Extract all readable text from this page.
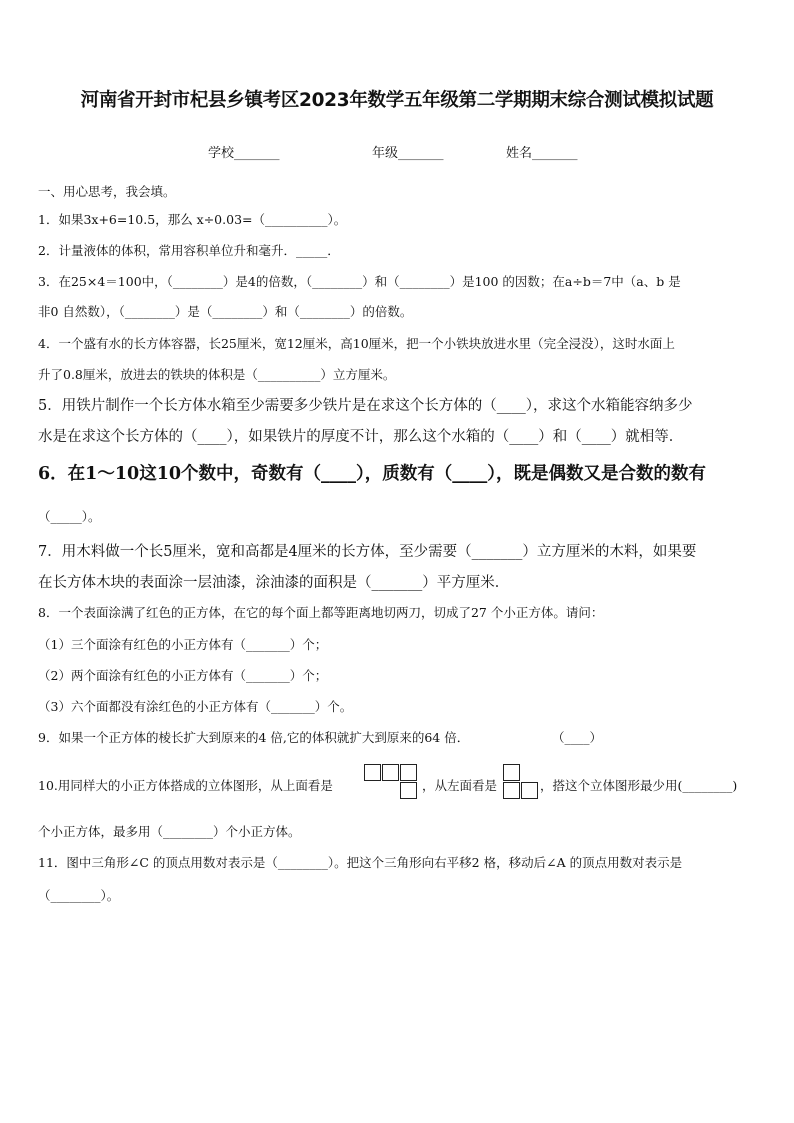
河南省开封市杞县乡镇考区2023年数学五年级第二学期期末综合测试模拟试题
学校_______	年级_______	姓名_______
一、用心思考，我会填。
1．如果3x+6=10.5，那么 x÷0.03=（__________）。
2．计量液体的体积，常用容积单位升和毫升．_____．
3．在25×4＝100中，（________）是4的倍数，（________）和（________）是100 的因数；在a÷b＝7中（a、b 是
非0 自然数），（________）是（________）和（________）的倍数。
4．一个盛有水的长方体容器，长25厘米，宽12厘米，高10厘米，把一个小铁块放进水里（完全浸没），这时水面上
升了0.8厘米，放进去的铁块的体积是（__________）立方厘米。
5．用铁片制作一个长方体水箱至少需要多少铁片是在求这个长方体的（____），求这个水箱能容纳多少
水是在求这个长方体的（____），如果铁片的厚度不计，那么这个水箱的（____）和（____）就相等．
6．在1～10这10个数中，奇数有（____），质数有（____），既是偶数又是合数的数有
（_____）。
7．用木料做一个长5厘米，宽和高都是4厘米的长方体，至少需要（_______）立方厘米的木料，如果要
在长方体木块的表面涂一层油漆，涂油漆的面积是（_______）平方厘米．
8．一个表面涂满了红色的正方体，在它的每个面上都等距离地切两刀，切成了27 个小正方体。请问：
（1）三个面涂有红色的小正方体有（_______）个；
（2）两个面涂有红色的小正方体有（_______）个；
（3）六个面都没有涂红色的小正方体有（_______）个。
9．如果一个正方体的棱长扩大到原来的4 倍,它的体积就扩大到原来的64 倍．	（____）
10.用同样大的小正方体搭成的立体图形，从上面看是	，从左面看是	，搭这个立体图形最少用(________)
个小正方体，最多用（________）个小正方体。
11．图中三角形∠C 的顶点用数对表示是（________）。把这个三角形向右平移2 格，移动后∠A 的顶点用数对表示是
（________）。
